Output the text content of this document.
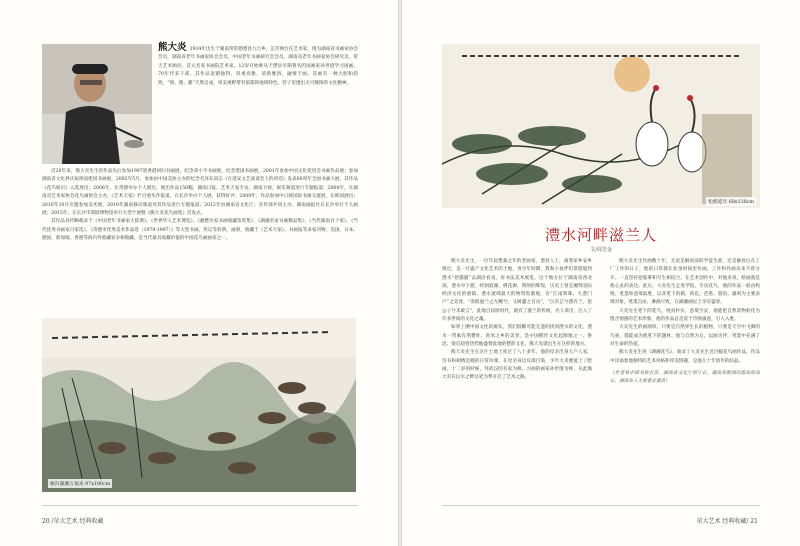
熊大炎 1934年出生于湖南常常德澧县九旦乡，芷洋网台任艺术家。现为湖南省书画家协会会员，湖南省老年书画家协会会员，中国老年书画研究会会员，湖南省老年书画家协会研究员，常天艺术顾问，首元名家书画院艺术家。12岁开始师从于澧县早期著名的国画家孙世澄学习国画。70年代来干部，其作品宽踏独得，厚重高雅，清新雅俗，融情于画。其画有一种大胆和韵致，“情、理、趣”天然自成，审美视野带有浓郁的地域特色，营子里透出无可掩饰的文化精神。

近20年来，熊大炎先生的作品先后参加1997迎香港回归书画展，纪念邓小平书画展，纪念建国书画展，2001年参加中国文化促进会书画作品展；参加湖南省文化界庆祝祖国建国书画展，2002年5月，参加由中国美协主办的纪念毛泽东同志《在延安文艺座谈会上的讲话》发表60周年全国书画大展，其作品《花鸟册页》入选展出；2006年，在常德举办个人展出，展出作品150幅，湖南日报、艺术天家专访，湖南卫视、娱乐频道进行专题报道；2008年，在湖南省艺术家协会花鸟画协会主办，《艺术天家》栏目重头作报道。在长沙举办个人展，获得好评；2009年，作品参加中日韩国际书画交流展，在韩国展出；2010年10月应邀参加美术展，2010年湖南移动频道对其作品进行专题报道；2012年由湖南省文化厅、宣传部共同主办，湖南画报社在长沙举行个人画展；2015年，在长沙市简牍博物馆举行大型个展暨《熊大炎花鸟画集》首发式。

其作品及传略载录于《中国老年书画家大辞典》、《世界华人艺术博览》、《湘楚名家书画收藏鉴赏集》、《湖湘名家书画精品集》、《当代湖南百十家》、《当代优秀书画家百家选》、《常德市优秀美术作品选（1979-1997）》等大型书画、传记等辞典、画册，收藏于《艺术天家》、书画报等多家刊物，美国、日本、德国、新加坡、香港等海内外收藏家争相收藏，是当代最具收藏价值的中国花鸟画画家之一。

雁归湖湘万福来 97x180cm
20 /荣大艺术 经典收藏
松鹤延年 68x138cm
澧水河畔滋兰人
文/周芳金

熊大炎先生，一位年届耄耋之年的老画家，澧县人士，离我家乡安乡很近，是一片盛产文化艺术的土地，青少年时期，我和小伙伴们常搭船到澧水“拾猫猫”去湖沿看戏，看书法美术展览。这个地方位于湖南省西北部，澧水中下游，经洞庭湖、桃花源、荆州的辉煌，历史上曾是湘鄂省际经济文化的重镇。澧水流域最大的物资集散地，有“江南明珠、九澧门户”之美誉，“余既滋兰之九畹兮，又树蕙之百亩”，“沅有芷兮澧有兰，思公子兮未敢言”，此地自屈原时代，就有了滋兰的传统，名人辈出，注入了许多世间的文化之魂。

如果上溯中国文化的源头，我们很稀可能无遗的找到澧水的文化，澧水一带素有荆楚旺、鱼米之乡的美誉，是中国稻作文化起源地之一。鲁迅、梁启超曾热烈地盛赞此地的楚辞文化，熊大炎就出生在这样的地方。

熊大炎先生在这片土地上度过了八十多年。他的母亲出身大户人家，诗书和刺绣是她的日常功课。在母亲身边耳濡目染，少年大炎便爱上了绘画。十二岁的时候，拜武汉的名家为师，习画的画家孙世澄为师，从此熊大炎在沅水之畔以笔为犁开启了艺术之路。

熊大炎先生作画数十年，无论是解放前的学徒生涯，还是解放后在工厂工作的日子，他的日常都在业余时间里作画，工作和作画从来不曾分开。一直坚持把临摹和写生相结合。在艺术创作中，对他来说，绘画就是他心灵的表达。此后，大炎先生走进学院，专攻花鸟，他的作品一般由构图、笔墨和意境取胜，以其笔下的鹤、荷花、芭蕉、游鱼、雄鸡为主要表现对象，笔墨自由、淋漓尽致，在湖湘画坛上享有盛誉。

大炎先生笔下的花鸟，纯真朴实，意境空灵，他能把自然景物转化为饱含情感的艺术形象，他的作品总是富于诗情画意，引人入胜。

大炎先生的画颜厚，只要是自然界生长的植物，只要是天空中飞舞的鸟雀，都能成为他笔下的题材。他与自然为友，以画为伴，笔墨中充满了对生命的热爱。

熊大炎先生用《湖湘花鸟》、收录了大炎先生近百幅花鸟画作品，作品中洋溢着他独特的艺术风格和审美情趣，是他几十年创作的结晶。

（作者系中国书协会员、湖南省文化厅原厅长、湖南省新闻出版局原局长、湖南省人大常委会委员）

荣大艺术 经典收藏/ 21
